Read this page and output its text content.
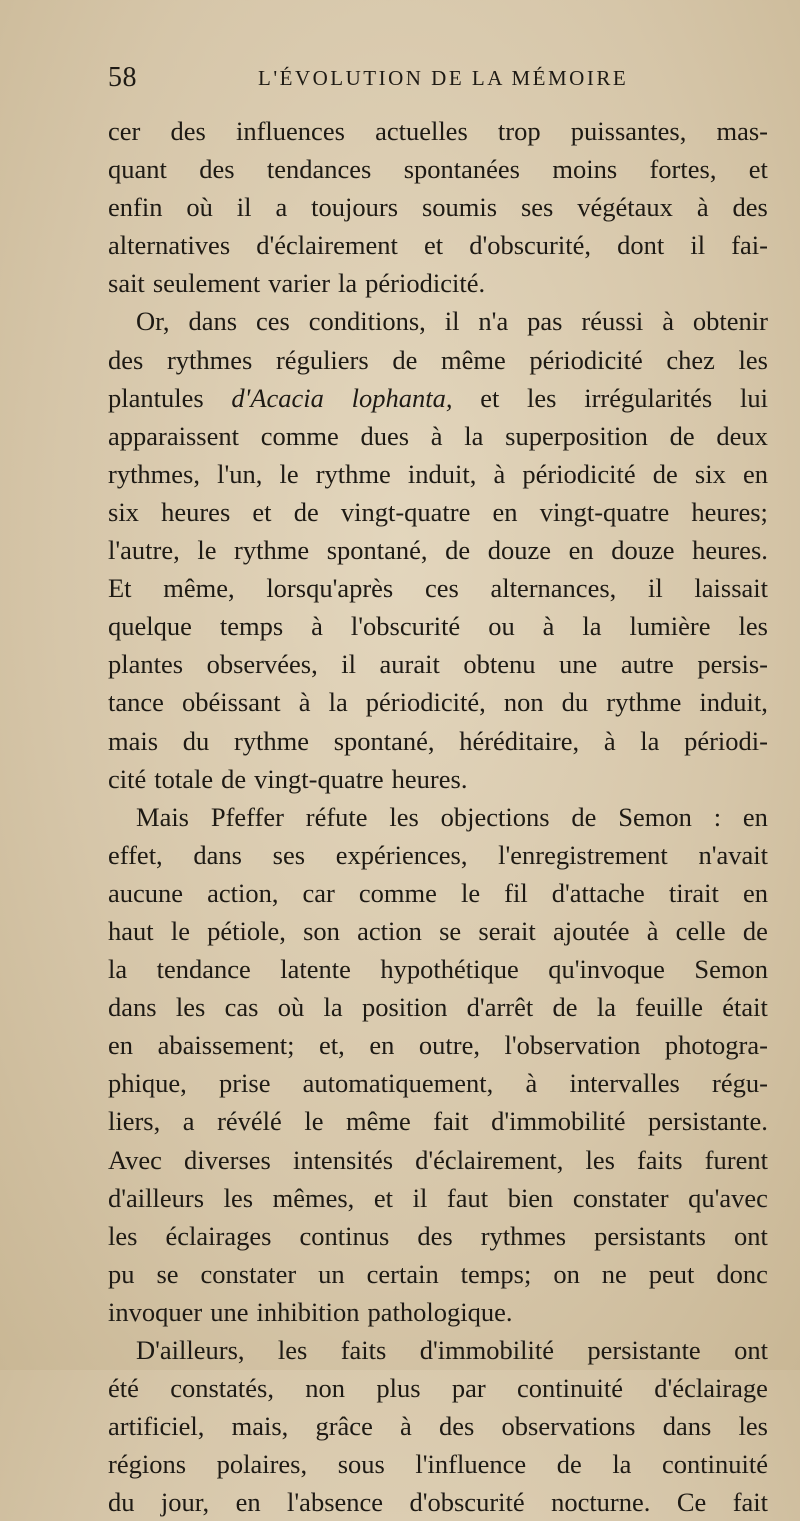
58	L'ÉVOLUTION DE LA MÉMOIRE
cer des influences actuelles trop puissantes, mas-
quant des tendances spontanées moins fortes, et
enfin où il a toujours soumis ses végétaux à des
alternatives d'éclairement et d'obscurité, dont il fai-
sait seulement varier la périodicité.
Or, dans ces conditions, il n'a pas réussi à obtenir
des rythmes réguliers de même périodicité chez les
plantules d'Acacia lophanta, et les irrégularités lui
apparaissent comme dues à la superposition de deux
rythmes, l'un, le rythme induit, à périodicité de six en
six heures et de vingt-quatre en vingt-quatre heures;
l'autre, le rythme spontané, de douze en douze heures.
Et même, lorsqu'après ces alternances, il laissait
quelque temps à l'obscurité ou à la lumière les
plantes observées, il aurait obtenu une autre persis-
tance obéissant à la périodicité, non du rythme induit,
mais du rythme spontané, héréditaire, à la périodi-
cité totale de vingt-quatre heures.
Mais Pfeffer réfute les objections de Semon : en
effet, dans ses expériences, l'enregistrement n'avait
aucune action, car comme le fil d'attache tirait en
haut le pétiole, son action se serait ajoutée à celle de
la tendance latente hypothétique qu'invoque Semon
dans les cas où la position d'arrêt de la feuille était
en abaissement; et, en outre, l'observation photogra-
phique, prise automatiquement, à intervalles régu-
liers, a révélé le même fait d'immobilité persistante.
Avec diverses intensités d'éclairement, les faits furent
d'ailleurs les mêmes, et il faut bien constater qu'avec
les éclairages continus des rythmes persistants ont
pu se constater un certain temps; on ne peut donc
invoquer une inhibition pathologique.
D'ailleurs, les faits d'immobilité persistante ont
été constatés, non plus par continuité d'éclairage
artificiel, mais, grâce à des observations dans les
régions polaires, sous l'influence de la continuité
du jour, en l'absence d'obscurité nocturne. Ce fait
